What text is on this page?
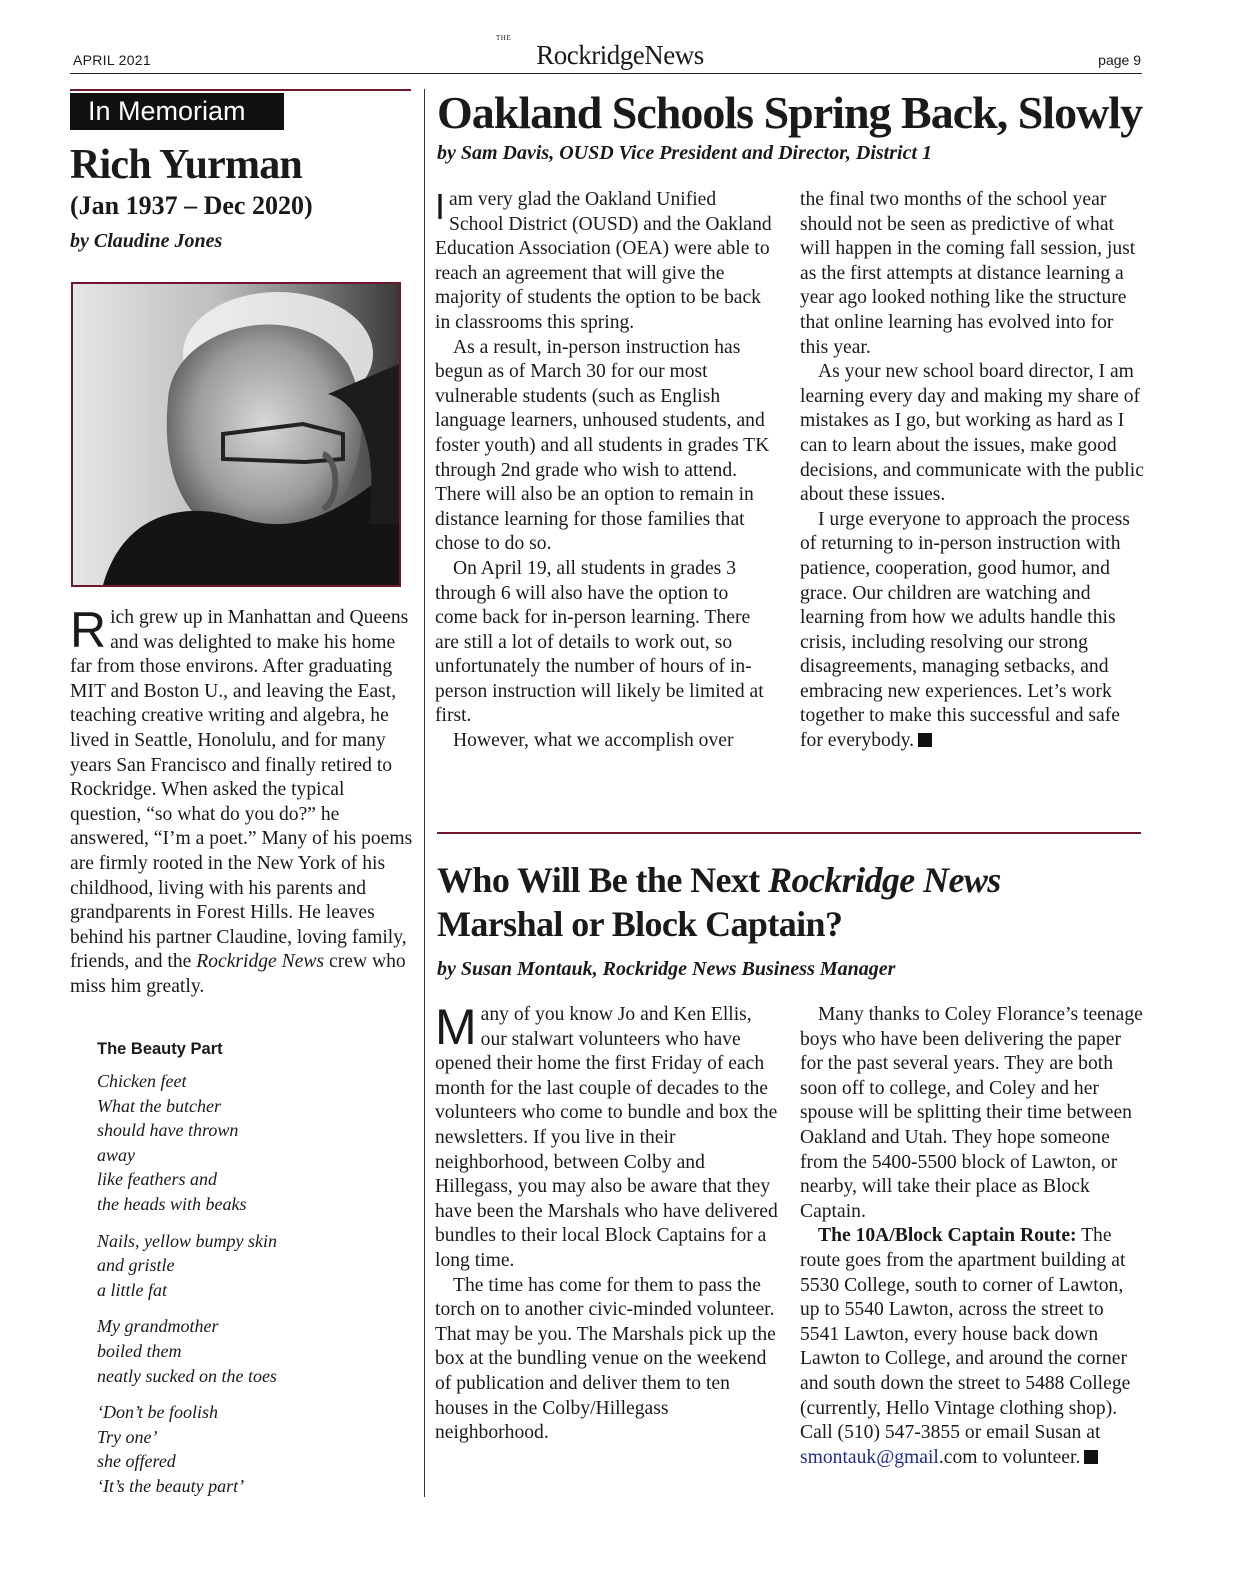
APRIL 2021
THE
RockridgeNews	page 9
In Memoriam
Rich Yurman
(Jan 1937 – Dec 2020)
by Claudine Jones

Rich grew up in Manhattan and Queens and was delighted to make his home far from those environs. After graduating MIT and Boston U., and leaving the East, teaching creative writing and algebra, he lived in Seattle, Honolulu, and for many years San Francisco and finally retired to Rockridge. When asked the typical question, “so what do you do?” he answered, “I’m a poet.” Many of his poems are firmly rooted in the New York of his childhood, living with his parents and grandparents in Forest Hills. He leaves behind his partner Claudine, loving family, friends, and the Rockridge News crew who miss him greatly.

The Beauty Part
Chicken feet
What the butcher
should have thrown
away
like feathers and
the heads with beaks
Nails, yellow bumpy skin
and gristle
a little fat
My grandmother
boiled them
neatly sucked on the toes
‘Don’t be foolish
Try one’
she offered
‘It’s the beauty part’
Oakland Schools Spring Back, Slowly
by Sam Davis, OUSD Vice President and Director, District 1

Iam very glad the Oakland Unified School District (OUSD) and the Oakland Education Association (OEA) were able to reach an agreement that will give the majority of students the option to be back in classrooms this spring.

As a result, in-person instruction has begun as of March 30 for our most vulnerable students (such as English language learners, unhoused students, and foster youth) and all students in grades TK through 2nd grade who wish to attend. There will also be an option to remain in distance learning for those families that chose to do so.

On April 19, all students in grades 3 through 6 will also have the option to come back for in-person learning. There are still a lot of details to work out, so unfortunately the number of hours of in-person instruction will likely be limited at first.

However, what we accomplish over

the final two months of the school year should not be seen as predictive of what will happen in the coming fall session, just as the first attempts at distance learning a year ago looked nothing like the structure that online learning has evolved into for this year.

As your new school board director, I am learning every day and making my share of mistakes as I go, but working as hard as I can to learn about the issues, make good decisions, and communicate with the public about these issues.

I urge everyone to approach the process of returning to in-person instruction with patience, cooperation, good humor, and grace. Our children are watching and learning from how we adults handle this crisis, including resolving our strong disagreements, managing setbacks, and embracing new experiences. Let’s work together to make this successful and safe for everybody.

Who Will Be the Next Rockridge News
Marshal or Block Captain?
by Susan Montauk, Rockridge News Business Manager

Many of you know Jo and Ken Ellis, our stalwart volunteers who have opened their home the first Friday of each month for the last couple of decades to the volunteers who come to bundle and box the newsletters. If you live in their neighborhood, between Colby and Hillegass, you may also be aware that they have been the Marshals who have delivered bundles to their local Block Captains for a long time.

The time has come for them to pass the torch on to another civic-minded volunteer. That may be you. The Marshals pick up the box at the bundling venue on the weekend of publication and deliver them to ten houses in the Colby/Hillegass neighborhood.

Many thanks to Coley Florance’s teenage boys who have been delivering the paper for the past several years. They are both soon off to college, and Coley and her spouse will be splitting their time between Oakland and Utah. They hope someone from the 5400-5500 block of Lawton, or nearby, will take their place as Block Captain.

The 10A/Block Captain Route: The route goes from the apartment building at 5530 College, south to corner of Lawton, up to 5540 Lawton, across the street to 5541 Lawton, every house back down Lawton to College, and around the corner and south down the street to 5488 College (currently, Hello Vintage clothing shop). Call (510) 547-3855 or email Susan at smontauk@gmail.com to volunteer.
